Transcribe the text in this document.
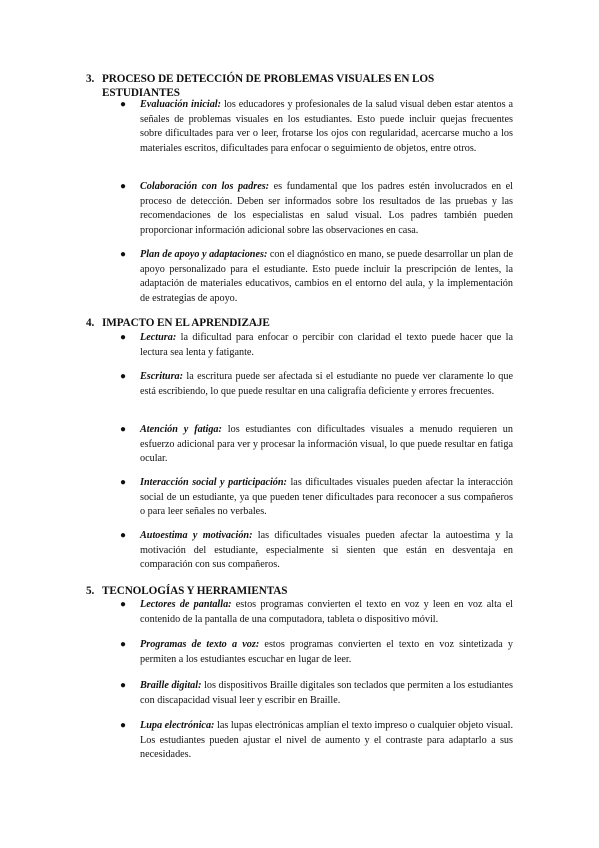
3. PROCESO DE DETECCIÓN DE PROBLEMAS VISUALES EN LOS
ESTUDIANTES
● Evaluación inicial: los educadores y profesionales de la salud visual deben estar atentos a señales de problemas visuales en los estudiantes. Esto puede incluir quejas frecuentes sobre dificultades para ver o leer, frotarse los ojos con regularidad, acercarse mucho a los materiales escritos, dificultades para enfocar o seguimiento de objetos, entre otros.
● Colaboración con los padres: es fundamental que los padres estén involucrados en el proceso de detección. Deben ser informados sobre los resultados de las pruebas y las recomendaciones de los especialistas en salud visual. Los padres también pueden proporcionar información adicional sobre las observaciones en casa.
● Plan de apoyo y adaptaciones: con el diagnóstico en mano, se puede desarrollar un plan de apoyo personalizado para el estudiante. Esto puede incluir la prescripción de lentes, la adaptación de materiales educativos, cambios en el entorno del aula, y la implementación de estrategias de apoyo.
4. IMPACTO EN EL APRENDIZAJE
● Lectura: la dificultad para enfocar o percibir con claridad el texto puede hacer que la lectura sea lenta y fatigante.
● Escritura: la escritura puede ser afectada si el estudiante no puede ver claramente lo que está escribiendo, lo que puede resultar en una caligrafía deficiente y errores frecuentes.
● Atención y fatiga: los estudiantes con dificultades visuales a menudo requieren un esfuerzo adicional para ver y procesar la información visual, lo que puede resultar en fatiga ocular.
● Interacción social y participación: las dificultades visuales pueden afectar la interacción social de un estudiante, ya que pueden tener dificultades para reconocer a sus compañeros o para leer señales no verbales.
● Autoestima y motivación: las dificultades visuales pueden afectar la autoestima y la motivación del estudiante, especialmente si sienten que están en desventaja en comparación con sus compañeros.
5. TECNOLOGÍAS Y HERRAMIENTAS
● Lectores de pantalla: estos programas convierten el texto en voz y leen en voz alta el contenido de la pantalla de una computadora, tableta o dispositivo móvil.
● Programas de texto a voz: estos programas convierten el texto en voz sintetizada y permiten a los estudiantes escuchar en lugar de leer.
● Braille digital: los dispositivos Braille digitales son teclados que permiten a los estudiantes con discapacidad visual leer y escribir en Braille.
● Lupa electrónica: las lupas electrónicas amplían el texto impreso o cualquier objeto visual. Los estudiantes pueden ajustar el nivel de aumento y el contraste para adaptarlo a sus necesidades.
